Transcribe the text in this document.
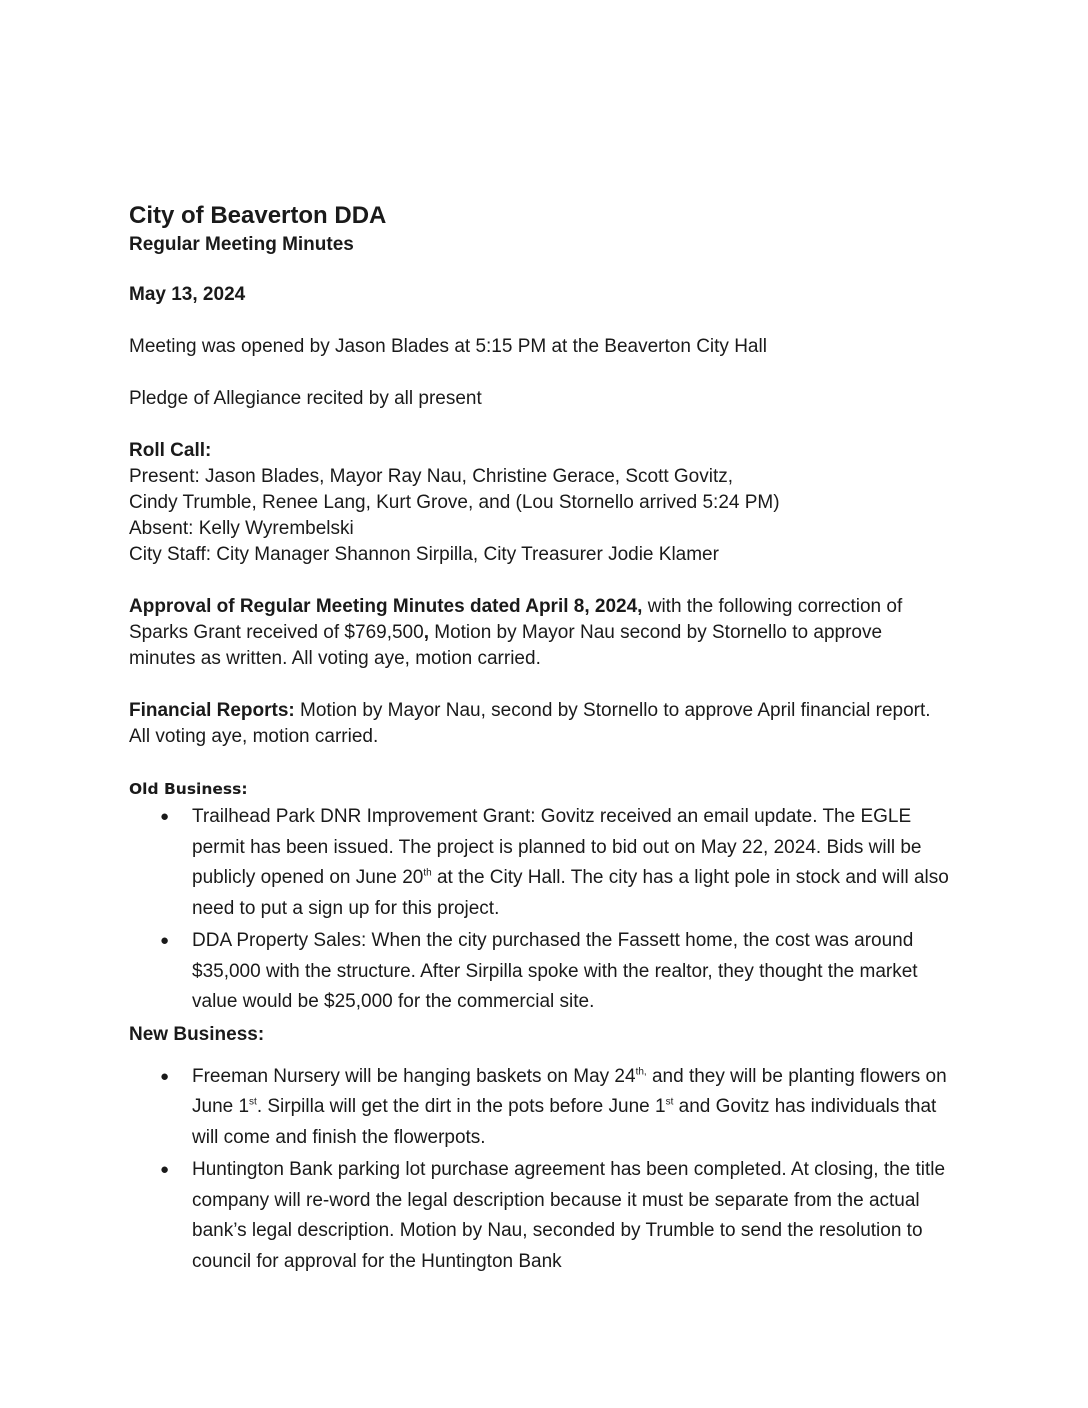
City of Beaverton DDA
Regular Meeting Minutes
May 13, 2024

Meeting was opened by Jason Blades at 5:15 PM at the Beaverton City Hall

Pledge of Allegiance recited by all present

Roll Call:

Present: Jason Blades, Mayor Ray Nau, Christine Gerace, Scott Govitz,

Cindy Trumble, Renee Lang, Kurt Grove, and (Lou Stornello arrived 5:24 PM)

Absent: Kelly Wyrembelski

City Staff: City Manager Shannon Sirpilla, City Treasurer Jodie Klamer

Approval of Regular Meeting Minutes dated April 8, 2024, with the following correction of Sparks Grant received of $769,500, Motion by Mayor Nau second by Stornello to approve minutes as written. All voting aye, motion carried.

Financial Reports: Motion by Mayor Nau, second by Stornello to approve April financial report. All voting aye, motion carried.

Old Business:
● Trailhead Park DNR Improvement Grant: Govitz received an email update. The EGLE permit has been issued. The project is planned to bid out on May 22, 2024. Bids will be publicly opened on June 20th at the City Hall. The city has a light pole in stock and will also need to put a sign up for this project.
● DDA Property Sales: When the city purchased the Fassett home, the cost was around $35,000 with the structure. After Sirpilla spoke with the realtor, they thought the market value would be $25,000 for the commercial site.
New Business:
● Freeman Nursery will be hanging baskets on May $24^{th,}$ and they will be planting flowers on June 1st. Sirpilla will get the dirt in the pots before June 1st and Govitz has individuals that will come and finish the flowerpots.
● Huntington Bank parking lot purchase agreement has been completed. At closing, the title company will re-word the legal description because it must be separate from the actual bank’s legal description. Motion by Nau, seconded by Trumble to send the resolution to council for approval for the Huntington Bank
